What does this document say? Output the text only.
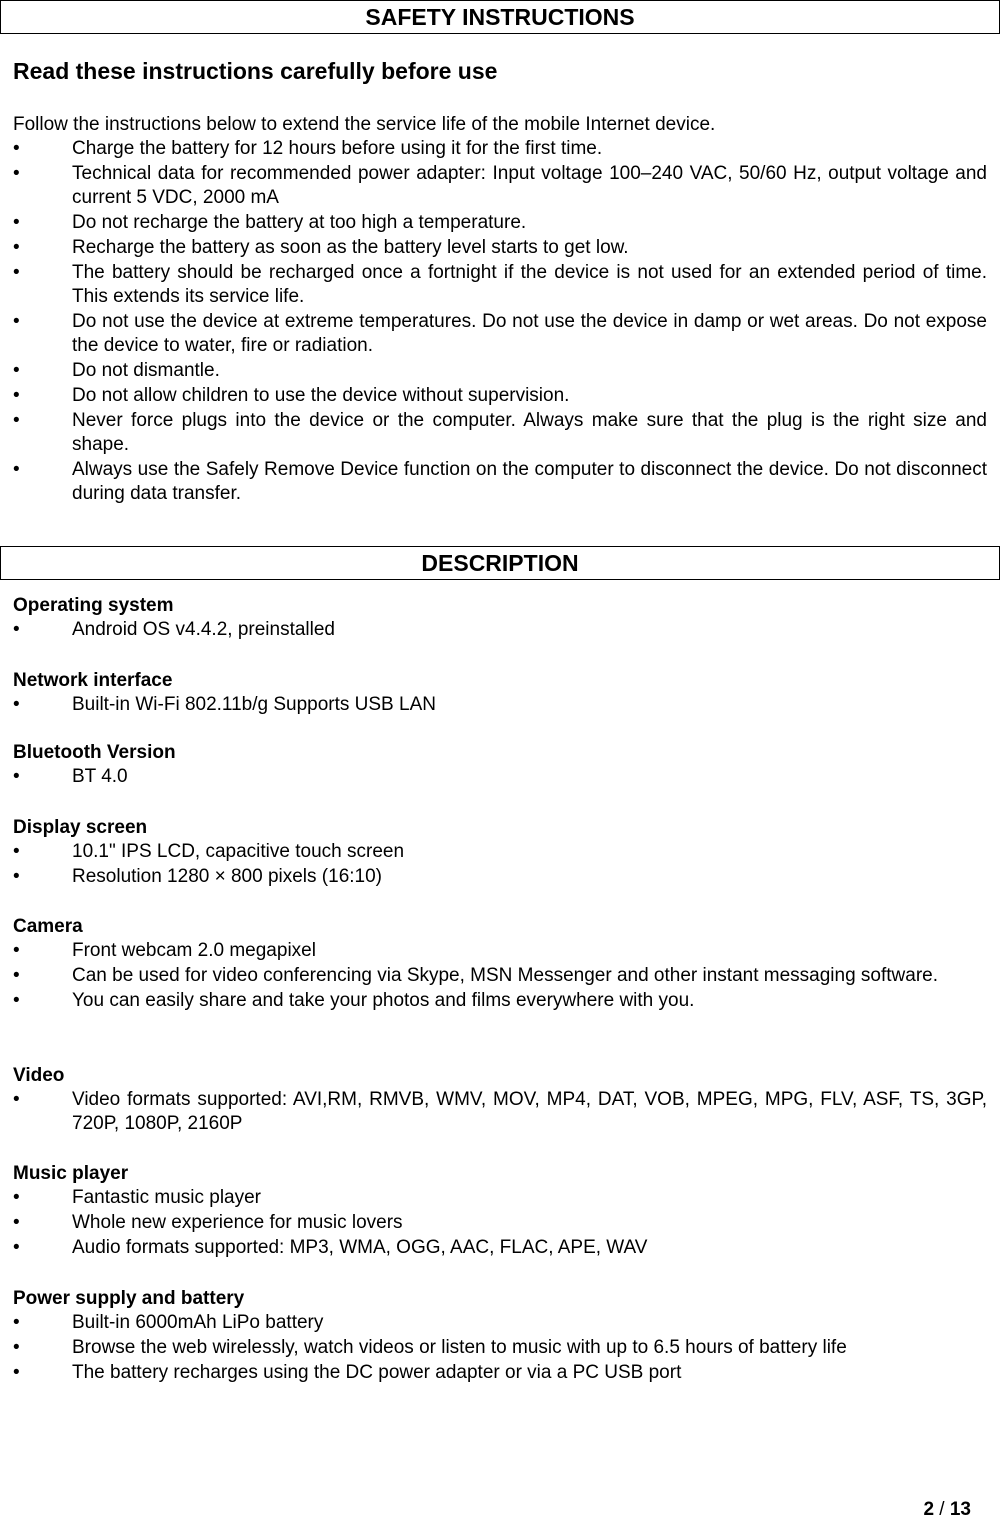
SAFETY INSTRUCTIONS
Read these instructions carefully before use
Follow the instructions below to extend the service life of the mobile Internet device.
•	Charge the battery for 12 hours before using it for the first time.
•	Technical data for recommended power adapter: Input voltage 100–240 VAC, 50/60 Hz, output voltage and current 5 VDC, 2000 mA
•	Do not recharge the battery at too high a temperature.
•	Recharge the battery as soon as the battery level starts to get low.
•	The battery should be recharged once a fortnight if the device is not used for an extended period of time. This extends its service life.
•	Do not use the device at extreme temperatures. Do not use the device in damp or wet areas. Do not expose the device to water, fire or radiation.
•	Do not dismantle.
•	Do not allow children to use the device without supervision.
•	Never force plugs into the device or the computer. Always make sure that the plug is the right size and shape.
•	Always use the Safely Remove Device function on the computer to disconnect the device. Do not disconnect during data transfer.
DESCRIPTION

Operating system

•	Android OS v4.4.2, preinstalled

Network interface

•	Built-in Wi-Fi 802.11b/g Supports USB LAN

Bluetooth Version

•	BT 4.0

Display screen

•	10.1" IPS LCD, capacitive touch screen
•	Resolution 1280 × 800 pixels (16:10)

Camera

•	Front webcam 2.0 megapixel
•	Can be used for video conferencing via Skype, MSN Messenger and other instant messaging software.
•	You can easily share and take your photos and films everywhere with you.

Video

•	Video formats supported: AVI,RM, RMVB, WMV, MOV, MP4, DAT, VOB, MPEG, MPG, FLV, ASF, TS, 3GP, 720P, 1080P, 2160P

Music player

•	Fantastic music player
•	Whole new experience for music lovers
•	Audio formats supported: MP3, WMA, OGG, AAC, FLAC, APE, WAV

Power supply and battery

•	Built-in 6000mAh LiPo battery
•	Browse the web wirelessly, watch videos or listen to music with up to 6.5 hours of battery life
•	The battery recharges using the DC power adapter or via a PC USB port
2 / 13
